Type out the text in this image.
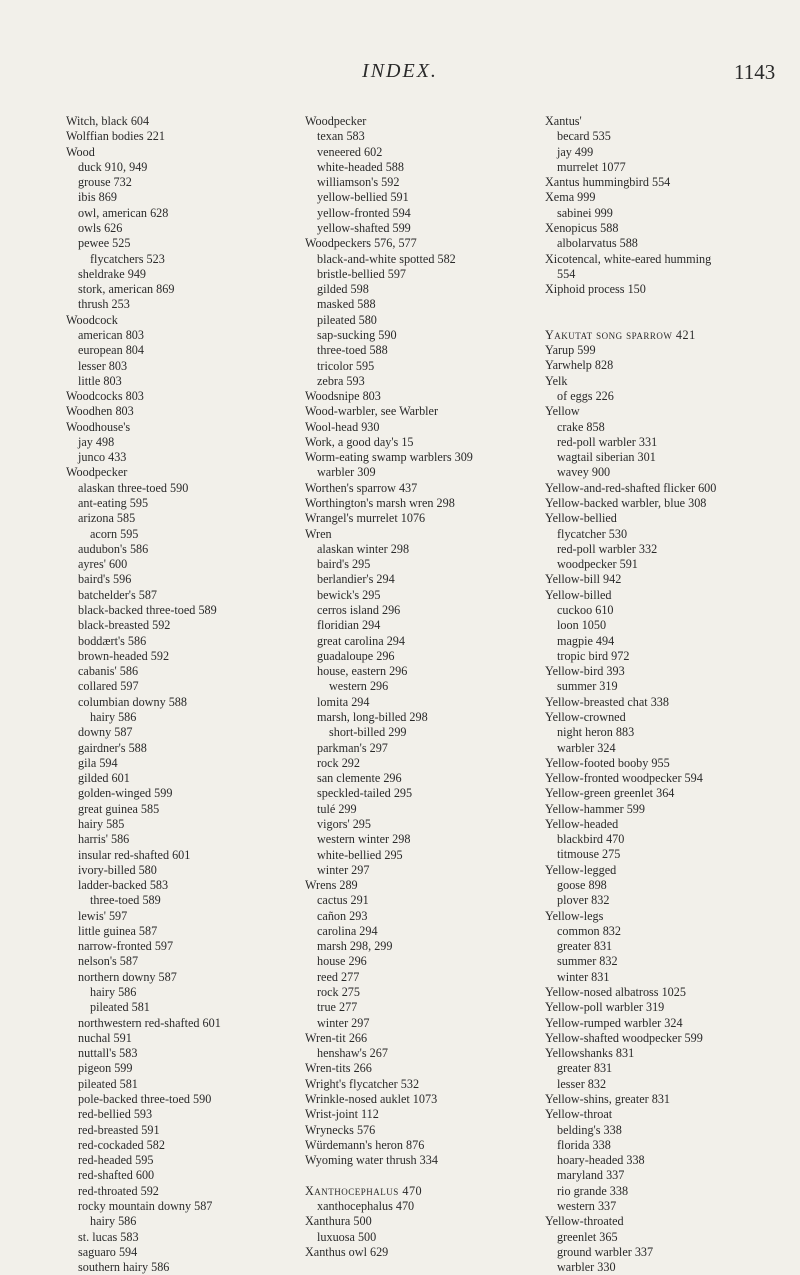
INDEX.	1143
Witch, black 604
Wolffian bodies 221
Wood
duck 910, 949
grouse 732
ibis 869
owl, american 628
owls 626
pewee 525
flycatchers 523
sheldrake 949
stork, american 869
thrush 253
Woodcock
american 803
european 804
lesser 803
little 803
Woodcocks 803
Woodhen 803
Woodhouse's
jay 498
junco 433
Woodpecker
alaskan three-toed 590
ant-eating 595
arizona 585
acorn 595
audubon's 586
ayres' 600
baird's 596
batchelder's 587
black-backed three-toed 589
black-breasted 592
boddært's 586
brown-headed 592
cabanis' 586
collared 597
columbian downy 588
hairy 586
downy 587
gairdner's 588
gila 594
gilded 601
golden-winged 599
great guinea 585
hairy 585
harris' 586
insular red-shafted 601
ivory-billed 580
ladder-backed 583
three-toed 589
lewis' 597
little guinea 587
narrow-fronted 597
nelson's 587
northern downy 587
hairy 586
pileated 581
northwestern red-shafted 601
nuchal 591
nuttall's 583
pigeon 599
pileated 581
pole-backed three-toed 590
red-bellied 593
red-breasted 591
red-cockaded 582
red-headed 595
red-shafted 600
red-throated 592
rocky mountain downy 587
hairy 586
st. lucas 583
saguaro 594
southern hairy 586
Woodpecker
texan 583
veneered 602
white-headed 588
williamson's 592
yellow-bellied 591
yellow-fronted 594
yellow-shafted 599
Woodpeckers 576, 577
black-and-white spotted 582
bristle-bellied 597
gilded 598
masked 588
pileated 580
sap-sucking 590
three-toed 588
tricolor 595
zebra 593
Woodsnipe 803
Wood-warbler, see Warbler
Wool-head 930
Work, a good day's 15
Worm-eating swamp warblers 309
warbler 309
Worthen's sparrow 437
Worthington's marsh wren 298
Wrangel's murrelet 1076
Wren
alaskan winter 298
baird's 295
berlandier's 294
bewick's 295
cerros island 296
floridian 294
great carolina 294
guadaloupe 296
house, eastern 296
western 296
lomita 294
marsh, long-billed 298
short-billed 299
parkman's 297
rock 292
san clemente 296
speckled-tailed 295
tulé 299
vigors' 295
western winter 298
white-bellied 295
winter 297
Wrens 289
cactus 291
cañon 293
carolina 294
marsh 298, 299
house 296
reed 277
rock 275
true 277
winter 297
Wren-tit 266
henshaw's 267
Wren-tits 266
Wright's flycatcher 532
Wrinkle-nosed auklet 1073
Wrist-joint 112
Wrynecks 576
Würdemann's heron 876
Wyoming water thrush 334
Xanthocephalus 470
xanthocephalus 470
Xanthura 500
luxuosa 500
Xanthus owl 629
Xantus'
becard 535
jay 499
murrelet 1077
Xantus hummingbird 554
Xema 999
sabinei 999
Xenopicus 588
albolarvatus 588
Xicotencal, white-eared humming
554
Xiphoid process 150
Yakutat song sparrow 421
Yarup 599
Yarwhelp 828
Yelk
of eggs 226
Yellow
crake 858
red-poll warbler 331
wagtail siberian 301
wavey 900
Yellow-and-red-shafted flicker 600
Yellow-backed warbler, blue 308
Yellow-bellied
flycatcher 530
red-poll warbler 332
woodpecker 591
Yellow-bill 942
Yellow-billed
cuckoo 610
loon 1050
magpie 494
tropic bird 972
Yellow-bird 393
summer 319
Yellow-breasted chat 338
Yellow-crowned
night heron 883
warbler 324
Yellow-footed booby 955
Yellow-fronted woodpecker 594
Yellow-green greenlet 364
Yellow-hammer 599
Yellow-headed
blackbird 470
titmouse 275
Yellow-legged
goose 898
plover 832
Yellow-legs
common 832
greater 831
summer 832
winter 831
Yellow-nosed albatross 1025
Yellow-poll warbler 319
Yellow-rumped warbler 324
Yellow-shafted woodpecker 599
Yellowshanks 831
greater 831
lesser 832
Yellow-shins, greater 831
Yellow-throat
belding's 338
florida 338
hoary-headed 338
maryland 337
rio grande 338
western 337
Yellow-throated
greenlet 365
ground warbler 337
warbler 330
